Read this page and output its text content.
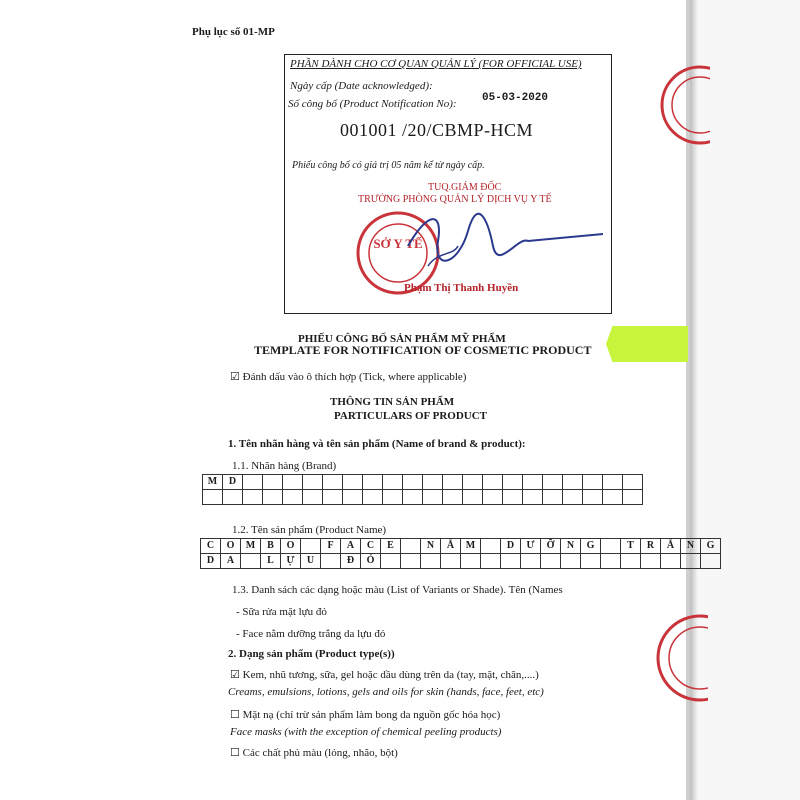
Phụ lục số 01-MP
PHẦN DÀNH CHO CƠ QUAN QUẢN LÝ (FOR OFFICIAL USE)
Ngày cấp (Date acknowledged):
Số công bố (Product Notification No): 05-03-2020
001001 /20/CBMP-HCM
Phiếu công bố có giá trị 05 năm kể từ ngày cấp.
TUQ.GIÁM ĐỐC
TRƯỞNG PHÒNG QUẢN LÝ DỊCH VỤ Y TẾ
SỞ Y TẾ
Phạm Thị Thanh Huyền
PHIẾU CÔNG BỐ SẢN PHẨM MỸ PHẨM
TEMPLATE FOR NOTIFICATION OF COSMETIC PRODUCT
☑ Đánh dấu vào ô thích hợp (Tick, where applicable)
THÔNG TIN SẢN PHẨM
PARTICULARS OF PRODUCT
1. Tên nhãn hàng và tên sản phẩm (Name of brand & product):
1.1. Nhãn hàng (Brand)
M	D																				

1.2. Tên sản phẩm (Product Name)
C	O	M	B	O		F	A	C	E		N	Ằ	M		D	Ư	Ỡ	N	G		T	R	Ắ	N	G
D	A		L	Ự	U		Đ	Ỏ																	
1.3. Danh sách các dạng hoặc màu (List of Variants or Shade). Tên (Names
- Sữa rửa mặt lựu đỏ
- Face nằm dưỡng trắng da lựu đỏ
2. Dạng sản phẩm (Product type(s))
☑ Kem, nhũ tương, sữa, gel hoặc dầu dùng trên da (tay, mặt, chân,....)
Creams, emulsions, lotions, gels and oils for skin (hands, face, feet, etc)
☐ Mặt nạ (chỉ trừ sản phẩm làm bong da nguồn gốc hóa học)
Face masks (with the exception of chemical peeling products)
☐ Các chất phủ màu (lỏng, nhão, bột)
